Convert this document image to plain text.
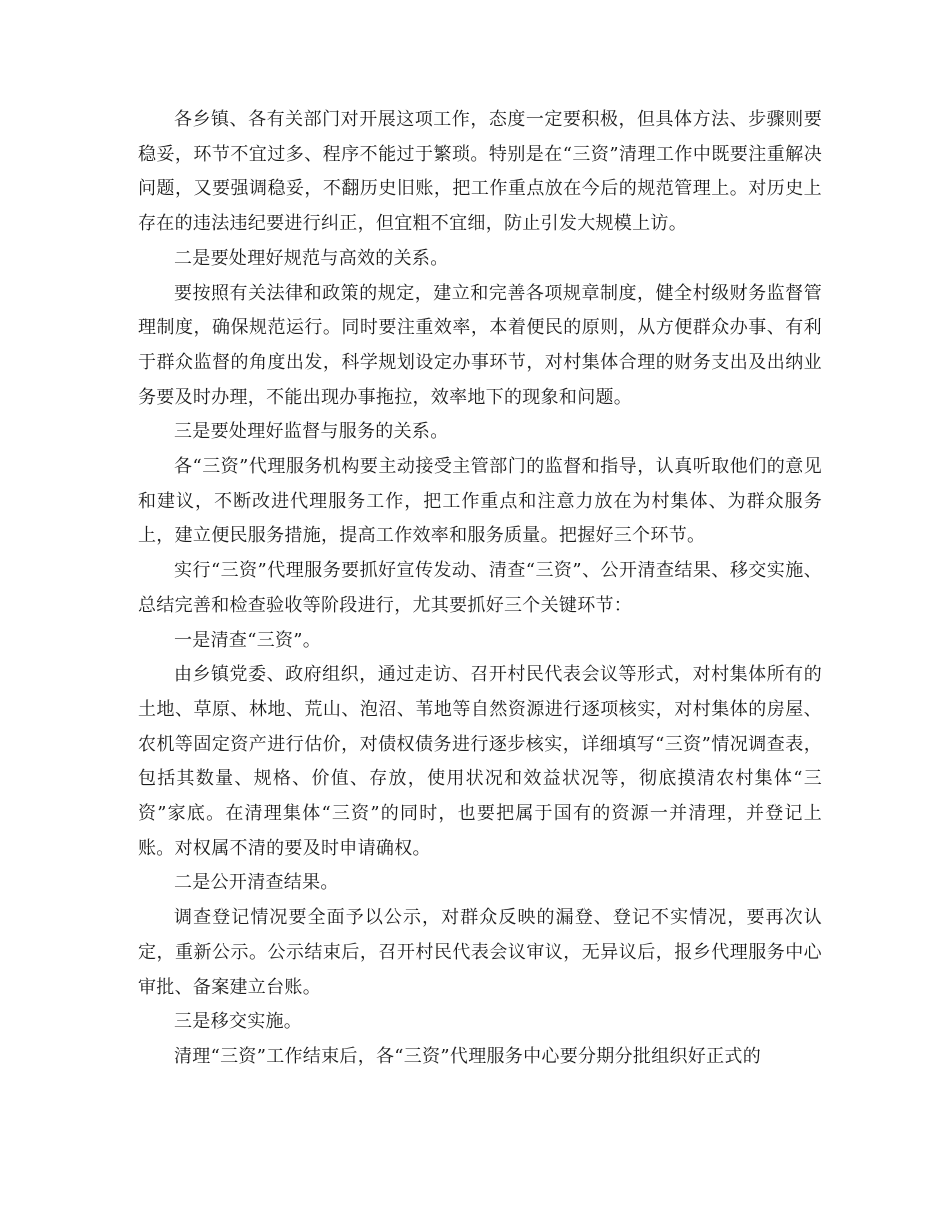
各乡镇、各有关部门对开展这项工作，态度一定要积极，但具体方法、步骤则要稳妥，环节不宜过多、程序不能过于繁琐。特别是在“三资”清理工作中既要注重解决问题，又要强调稳妥，不翻历史旧账，把工作重点放在今后的规范管理上。对历史上存在的违法违纪要进行纠正，但宜粗不宜细，防止引发大规模上访。

二是要处理好规范与高效的关系。

要按照有关法律和政策的规定，建立和完善各项规章制度，健全村级财务监督管理制度，确保规范运行。同时要注重效率，本着便民的原则，从方便群众办事、有利于群众监督的角度出发，科学规划设定办事环节，对村集体合理的财务支出及出纳业务要及时办理，不能出现办事拖拉，效率地下的现象和问题。

三是要处理好监督与服务的关系。

各“三资”代理服务机构要主动接受主管部门的监督和指导，认真听取他们的意见和建议，不断改进代理服务工作，把工作重点和注意力放在为村集体、为群众服务上，建立便民服务措施，提高工作效率和服务质量。把握好三个环节。

实行“三资”代理服务要抓好宣传发动、清查“三资”、公开清查结果、移交实施、总结完善和检查验收等阶段进行，尤其要抓好三个关键环节：

一是清查“三资”。

由乡镇党委、政府组织，通过走访、召开村民代表会议等形式，对村集体所有的土地、草原、林地、荒山、泡沼、苇地等自然资源进行逐项核实，对村集体的房屋、农机等固定资产进行估价，对债权债务进行逐步核实，详细填写“三资”情况调查表，包括其数量、规格、价值、存放，使用状况和效益状况等，彻底摸清农村集体“三资”家底。在清理集体“三资”的同时，也要把属于国有的资源一并清理，并登记上账。对权属不清的要及时申请确权。

二是公开清查结果。

调查登记情况要全面予以公示，对群众反映的漏登、登记不实情况，要再次认定，重新公示。公示结束后，召开村民代表会议审议，无异议后，报乡代理服务中心审批、备案建立台账。

三是移交实施。

清理“三资”工作结束后，各“三资”代理服务中心要分期分批组织好正式的
